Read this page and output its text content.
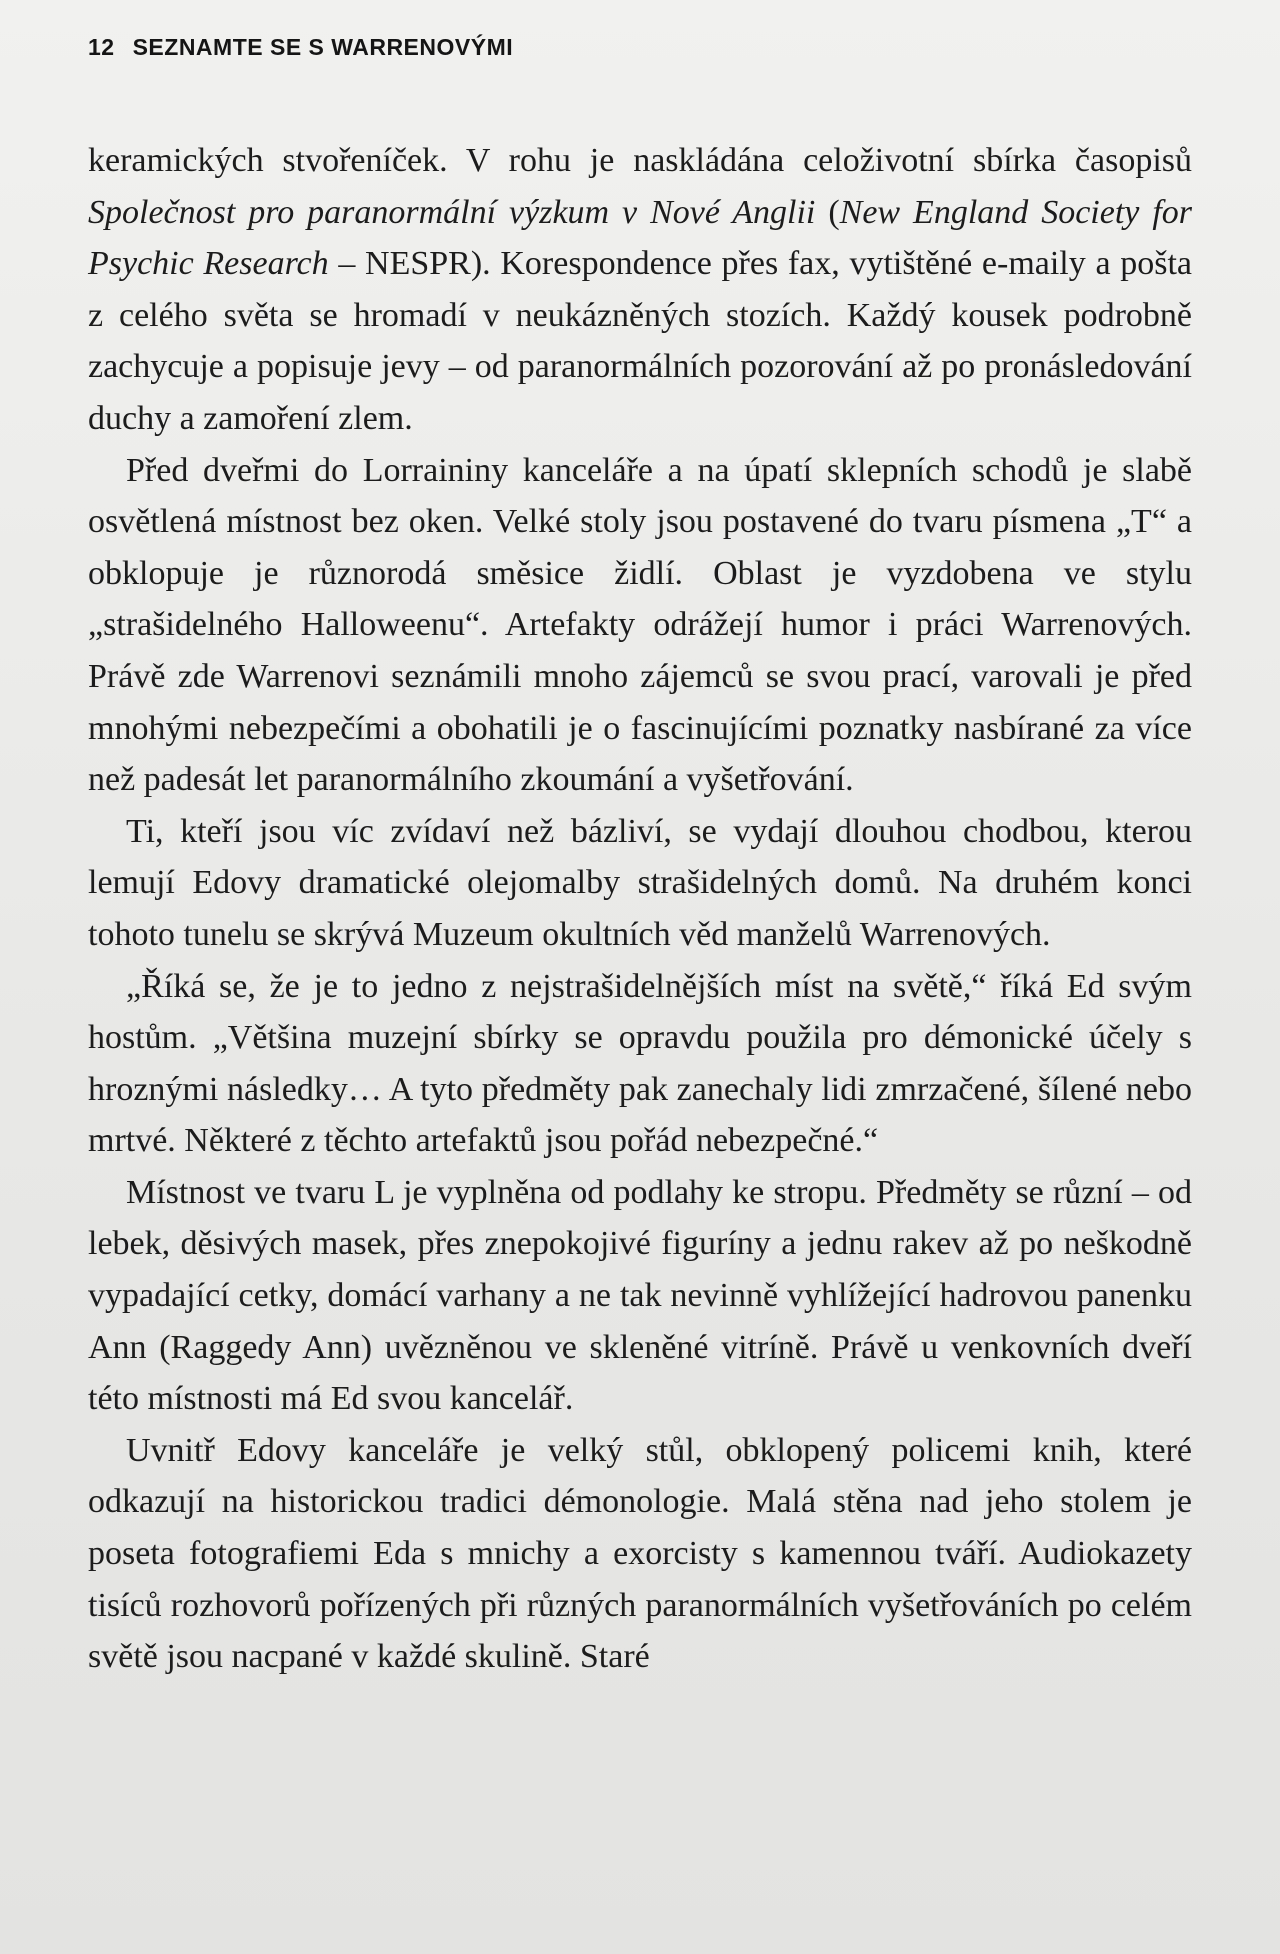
12 SEZNAMTE SE S WARRENOVÝMI

keramických stvořeníček. V rohu je naskládána celoživotní sbírka časopisů Společnost pro paranormální výzkum v Nové Anglii (New England Society for Psychic Research – NESPR). Korespondence přes fax, vytištěné e-maily a pošta z celého světa se hromadí v neukázněných stozích. Každý kousek podrobně zachycuje a popisuje jevy – od paranormálních pozorování až po pronásledování duchy a zamoření zlem.

Před dveřmi do Lorraininy kanceláře a na úpatí sklepních schodů je slabě osvětlená místnost bez oken. Velké stoly jsou postavené do tvaru písmena „T“ a obklopuje je různorodá směsice židlí. Oblast je vyzdobena ve stylu „strašidelného Halloweenu“. Artefakty odrážejí humor i práci Warrenových. Právě zde Warrenovi seznámili mnoho zájemců se svou prací, varovali je před mnohými nebezpečími a obohatili je o fascinujícími poznatky nasbírané za více než padesát let paranormálního zkoumání a vyšetřování.

Ti, kteří jsou víc zvídaví než bázliví, se vydají dlouhou chodbou, kterou lemují Edovy dramatické olejomalby strašidelných domů. Na druhém konci tohoto tunelu se skrývá Muzeum okultních věd manželů Warrenových.

„Říká se, že je to jedno z nejstrašidelnějších míst na světě,“ říká Ed svým hostům. „Většina muzejní sbírky se opravdu použila pro démonické účely s hroznými následky… A tyto předměty pak zanechaly lidi zmrzačené, šílené nebo mrtvé. Některé z těchto artefaktů jsou pořád nebezpečné.“

Místnost ve tvaru L je vyplněna od podlahy ke stropu. Předměty se různí – od lebek, děsivých masek, přes znepokojivé figuríny a jednu rakev až po neškodně vypadající cetky, domácí varhany a ne tak nevinně vyhlížející hadrovou panenku Ann (Raggedy Ann) uvězněnou ve skleněné vitríně. Právě u venkovních dveří této místnosti má Ed svou kancelář.

Uvnitř Edovy kanceláře je velký stůl, obklopený policemi knih, které odkazují na historickou tradici démonologie. Malá stěna nad jeho stolem je poseta fotografiemi Eda s mnichy a exorcisty s kamennou tváří. Audiokazety tisíců rozhovorů pořízených při různých paranormálních vyšetřováních po celém světě jsou nacpané v každé skulině. Staré
